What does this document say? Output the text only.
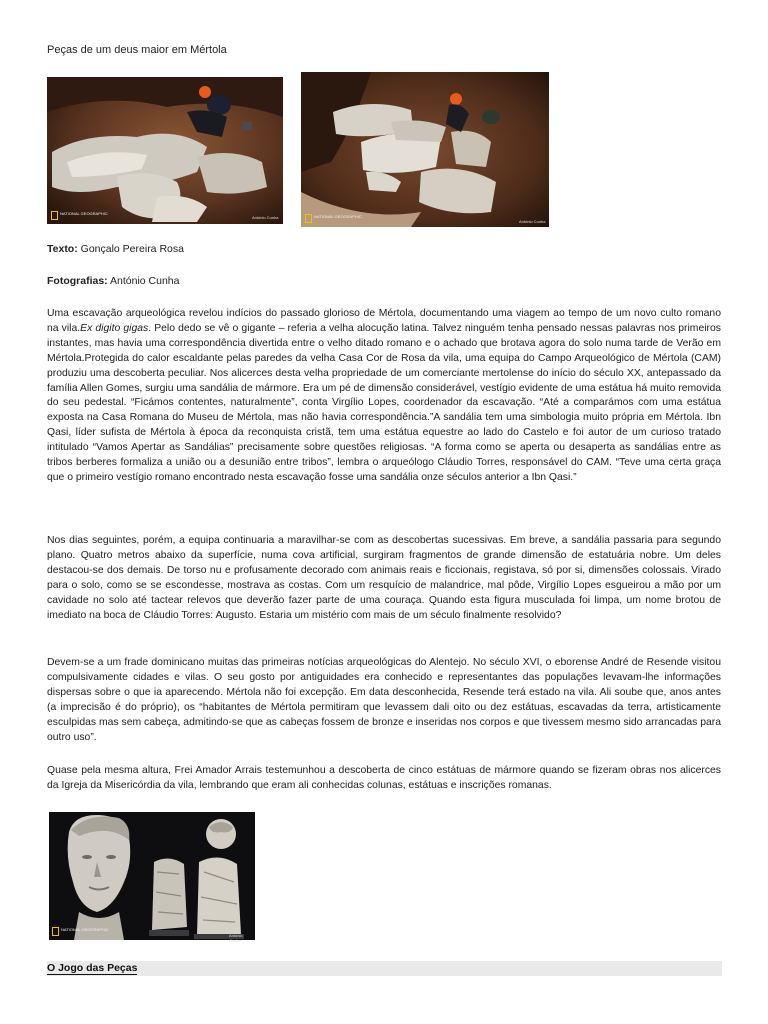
Peças de um deus maior em Mértola
NATIONAL GEOGRAPHIC
António Cunha	NATIONAL GEOGRAPHIC
António Cunha
Texto: Gonçalo Pereira Rosa
Fotografias: António Cunha
Uma escavação arqueológica revelou indícios do passado glorioso de Mértola, documentando uma viagem ao tempo de um novo culto romano na vila.Ex digito gigas. Pelo dedo se vê o gigante – referia a velha alocução latina. Talvez ninguém tenha pensado nessas palavras nos primeiros instantes, mas havia uma correspondência divertida entre o velho ditado romano e o achado que brotava agora do solo numa tarde de Verão em Mértola.Protegida do calor escaldante pelas paredes da velha Casa Cor de Rosa da vila, uma equipa do Campo Arqueológico de Mértola (CAM) produziu uma descoberta peculiar. Nos alicerces desta velha propriedade de um comerciante mertolense do início do século XX, antepassado da família Allen Gomes, surgiu uma sandália de mármore. Era um pé de dimensão considerável, vestígio evidente de uma estátua há muito removida do seu pedestal. “Ficámos contentes, naturalmente”, conta Virgílio Lopes, coordenador da escavação. “Até a comparámos com uma estátua exposta na Casa Romana do Museu de Mértola, mas não havia correspondência.”A sandália tem uma simbologia muito própria em Mértola. Ibn Qasi, líder sufista de Mértola à época da reconquista cristã, tem uma estátua equestre ao lado do Castelo e foi autor de um curioso tratado intitulado “Vamos Apertar as Sandálias” precisamente sobre questões religiosas. “A forma como se aperta ou desaperta as sandálias entre as tribos berberes formaliza a união ou a desunião entre tribos”, lembra o arqueólogo Cláudio Torres, responsável do CAM. “Teve uma certa graça que o primeiro vestígio romano encontrado nesta escavação fosse uma sandália onze séculos anterior a Ibn Qasi.”
Nos dias seguintes, porém, a equipa continuaria a maravilhar-se com as descobertas sucessivas. Em breve, a sandália passaria para segundo plano. Quatro metros abaixo da superfície, numa cova artificial, surgiram fragmentos de grande dimensão de estatuária nobre. Um deles destacou-se dos demais. De torso nu e profusamente decorado com animais reais e ficcionais, registava, só por si, dimensões colossais. Virado para o solo, como se se escondesse, mostrava as costas. Com um resquício de malandrice, mal pôde, Virgílio Lopes esgueirou a mão por um cavidade no solo até tactear relevos que deverão fazer parte de uma couraça. Quando esta figura musculada foi limpa, um nome brotou de imediato na boca de Cláudio Torres: Augusto. Estaria um mistério com mais de um século finalmente resolvido?
Devem-se a um frade dominicano muitas das primeiras notícias arqueológicas do Alentejo. No século XVI, o eborense André de Resende visitou compulsivamente cidades e vilas. O seu gosto por antiguidades era conhecido e representantes das populações levavam-lhe informações dispersas sobre o que ia aparecendo. Mértola não foi excepção. Em data desconhecida, Resende terá estado na vila. Ali soube que, anos antes (a imprecisão é do próprio), os “habitantes de Mértola permitiram que levassem dali oito ou dez estátuas, escavadas da terra, artisticamente esculpidas mas sem cabeça, admitindo-se que as cabeças fossem de bronze e inseridas nos corpos e que tivessem mesmo sido arrancadas para outro uso”.
Quase pela mesma altura, Frei Amador Arrais testemunhou a descoberta de cinco estátuas de mármore quando se fizeram obras nos alicerces da Igreja da Misericórdia da vila, lembrando que eram ali conhecidas colunas, estátuas e inscrições romanas.
NATIONAL GEOGRAPHIC
António Cunha
O Jogo das Peças
